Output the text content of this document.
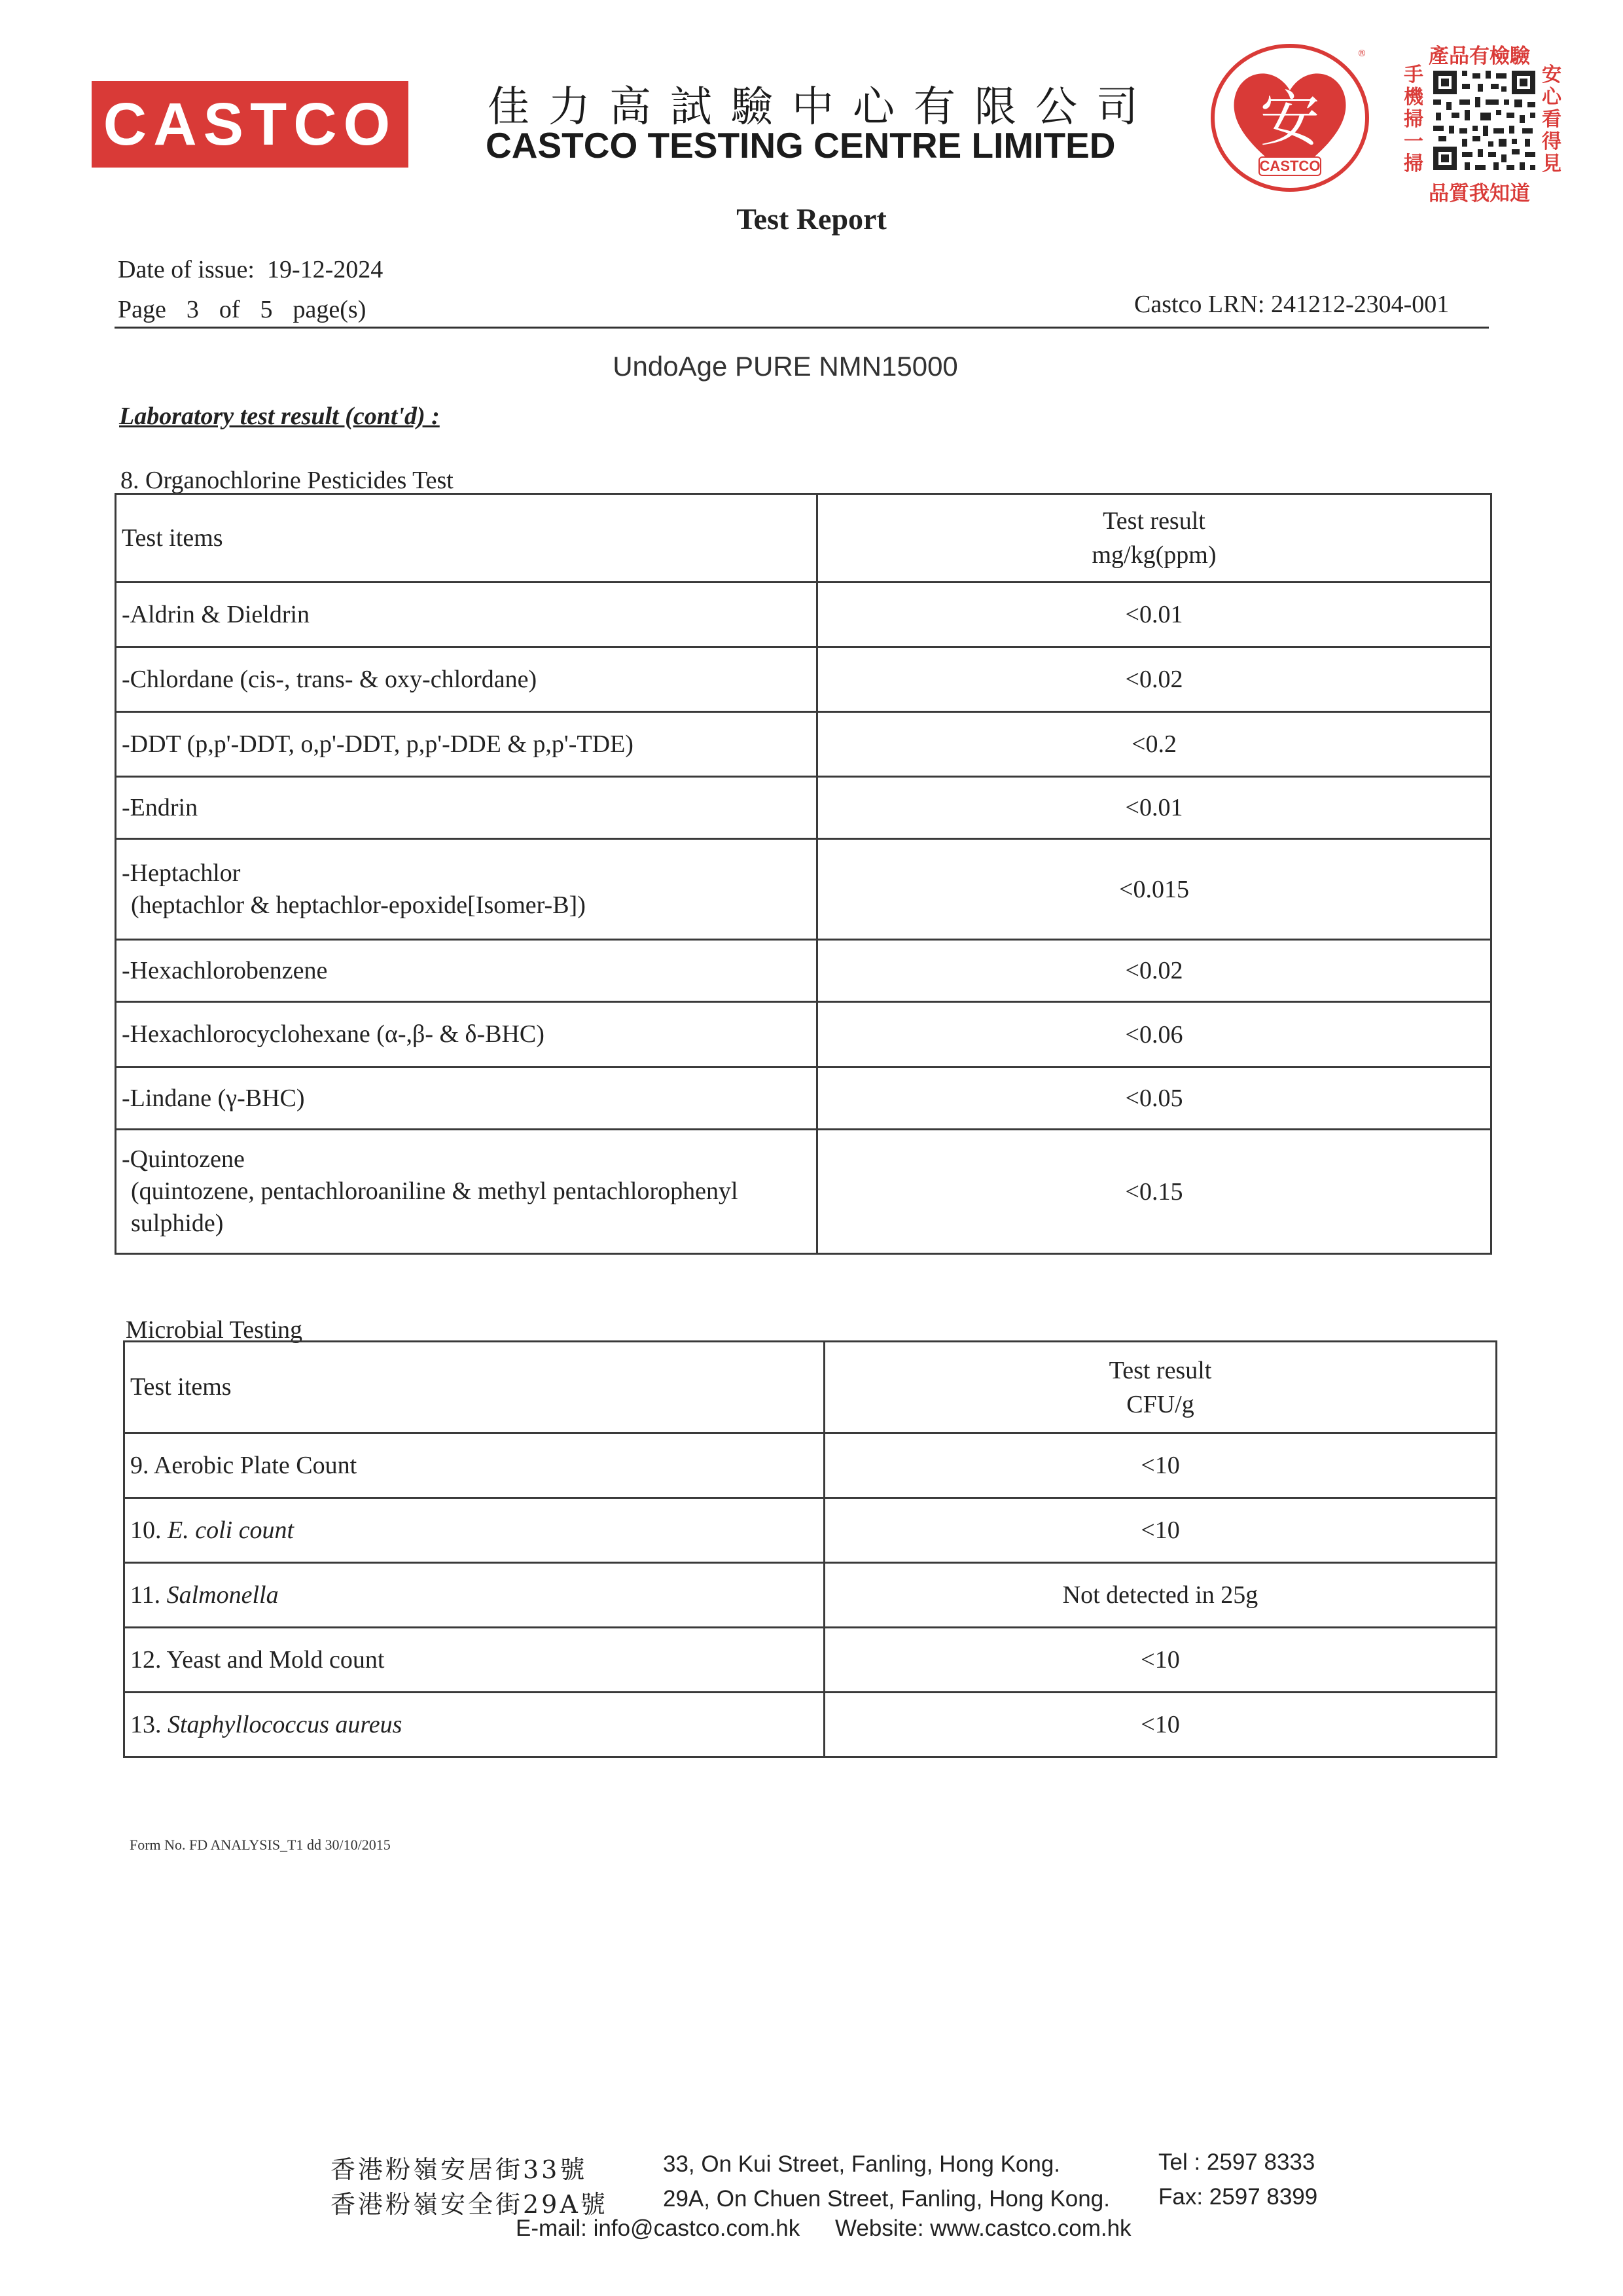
CASTCO 佳力高試驗中心有限公司
CASTCO TESTING CENTRE LIMITED 安
CASTCO
®	產品有檢驗
手機掃一掃
安心看得見
品質我知道
Test Report
Date of issue: 19-12-2024
Page 3 of 5 page(s)	Castco LRN: 241212-2304-001
UndoAge PURE NMN15000
Laboratory test result (cont'd) :
8. Organochlorine Pesticides Test
Test items	Test result
mg/kg(ppm)
-Aldrin & Dieldrin	<0.01
-Chlordane (cis-, trans- & oxy-chlordane)	<0.02
-DDT (p,p'-DDT, o,p'-DDT, p,p'-DDE & p,p'-TDE)	<0.2
-Endrin	<0.01
-Heptachlor
(heptachlor & heptachlor-epoxide[Isomer-B])	<0.015
-Hexachlorobenzene	<0.02
-Hexachlorocyclohexane (α-,β- & δ-BHC)	<0.06
-Lindane (γ-BHC)	<0.05
-Quintozene
(quintozene, pentachloroaniline & methyl pentachlorophenyl sulphide)	<0.15
Microbial Testing
Test items	Test result
CFU/g
9. Aerobic Plate Count	<10
10. E. coli count	<10
11. Salmonella	Not detected in 25g
12. Yeast and Mold count	<10
13. Staphyllococcus aureus	<10
Form No. FD ANALYSIS_T1 dd 30/10/2015
香港粉嶺安居街33號	33, On Kui Street, Fanling, Hong Kong.	Tel : 2597 8333
香港粉嶺安全街29A號 29A, On Chuen Street, Fanling, Hong Kong. Fax: 2597 8399
E-mail: info@castco.com.hk Website: www.castco.com.hk
